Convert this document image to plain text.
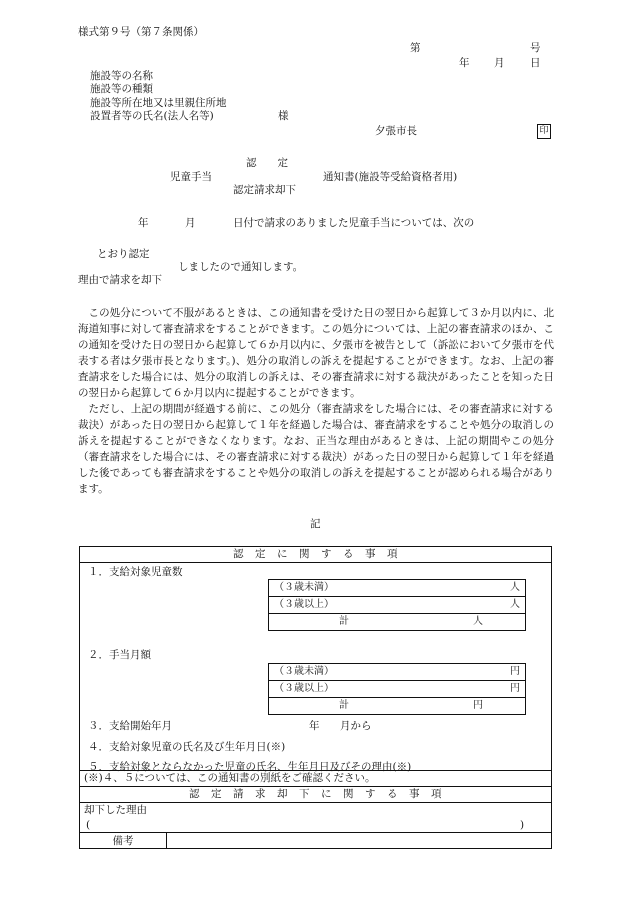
様式第９号（第７条関係）
第	号
年 月 日
施設等の名称
施設等の種類
施設等所在地又は里親住所地
設置者等の氏名(法人名等)	様
夕張市長	印
認　　定
児童手当	通知書(施設等受給資格者用)
認定請求却下
年	月	日付で請求のありました児童手当については、次の
とおり認定
しましたので通知します。
理由で請求を却下

この処分について不服があるときは、この通知書を受けた日の翌日から起算して３か月以内に、北海道知事に対して審査請求をすることができます。この処分については、上記の審査請求のほか、この通知を受けた日の翌日から起算して６か月以内に、夕張市を被告として（訴訟において夕張市を代表する者は夕張市長となります。)、処分の取消しの訴えを提起することができます。なお、上記の審査請求をした場合には、処分の取消しの訴えは、その審査請求に対する裁決があったことを知った日の翌日から起算して６か月以内に提起することができます。

ただし、上記の期間が経過する前に、この処分（審査請求をした場合には、その審査請求に対する裁決）があった日の翌日から起算して１年を経過した場合は、審査請求をすることや処分の取消しの訴えを提起することができなくなります。なお、正当な理由があるときは、上記の期間やこの処分（審査請求をした場合には、その審査請求に対する裁決）があった日の翌日から起算して１年を経過した後であっても審査請求をすることや処分の取消しの訴えを提起することが認められる場合があります。

記
認　定　に　関　す　る　事　項

１．支給対象児童数
（３歳未満）	人

（３歳以上）	人

計	人
２．手当月額
（３歳未満）	円

（３歳以上）	円

計	円
３．支給開始年月	年 月から
４．支給対象児童の氏名及び生年月日(※)
５．支給対象とならなかった児童の氏名、生年月日及びその理由(※)

(※)４、５については、この通知書の別紙をご確認ください。
認　定　請　求　却　下　に　関　す　る　事　項

却下した理由
(	)

備考
